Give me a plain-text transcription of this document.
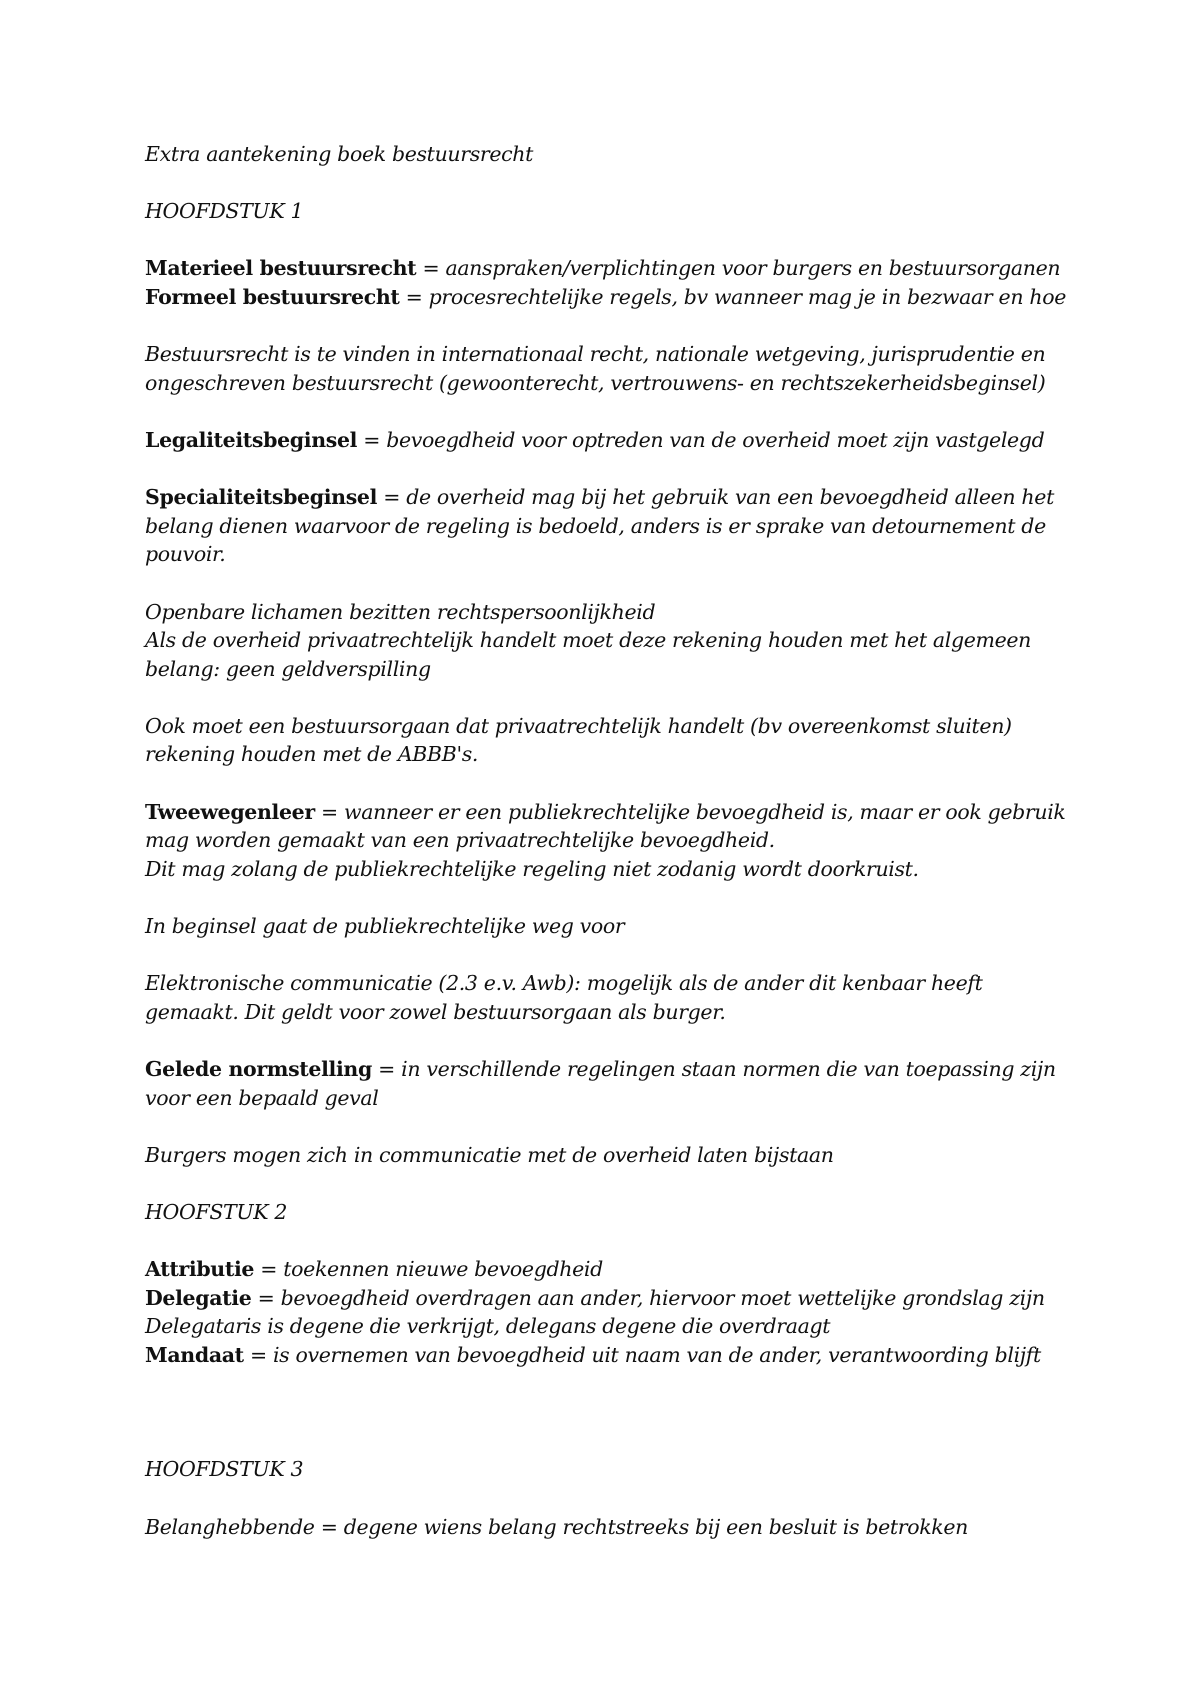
Extra aantekening boek bestuursrecht
HOOFDSTUK 1
Materieel bestuursrecht = aanspraken/verplichtingen voor burgers en bestuursorganen
Formeel bestuursrecht = procesrechtelijke regels, bv wanneer mag je in bezwaar en hoe
Bestuursrecht is te vinden in internationaal recht, nationale wetgeving, jurisprudentie en
ongeschreven bestuursrecht (gewoonterecht, vertrouwens- en rechtszekerheidsbeginsel)
Legaliteitsbeginsel = bevoegdheid voor optreden van de overheid moet zijn vastgelegd
Specialiteitsbeginsel = de overheid mag bij het gebruik van een bevoegdheid alleen het
belang dienen waarvoor de regeling is bedoeld, anders is er sprake van detournement de
pouvoir.
Openbare lichamen bezitten rechtspersoonlijkheid
Als de overheid privaatrechtelijk handelt moet deze rekening houden met het algemeen
belang: geen geldverspilling
Ook moet een bestuursorgaan dat privaatrechtelijk handelt (bv overeenkomst sluiten)
rekening houden met de ABBB's.
Tweewegenleer = wanneer er een publiekrechtelijke bevoegdheid is, maar er ook gebruik
mag worden gemaakt van een privaatrechtelijke bevoegdheid.
Dit mag zolang de publiekrechtelijke regeling niet zodanig wordt doorkruist.
In beginsel gaat de publiekrechtelijke weg voor
Elektronische communicatie (2.3 e.v. Awb): mogelijk als de ander dit kenbaar heeft
gemaakt. Dit geldt voor zowel bestuursorgaan als burger.
Gelede normstelling = in verschillende regelingen staan normen die van toepassing zijn
voor een bepaald geval
Burgers mogen zich in communicatie met de overheid laten bijstaan
HOOFSTUK 2
Attributie = toekennen nieuwe bevoegdheid
Delegatie = bevoegdheid overdragen aan ander, hiervoor moet wettelijke grondslag zijn
Delegataris is degene die verkrijgt, delegans degene die overdraagt
Mandaat = is overnemen van bevoegdheid uit naam van de ander, verantwoording blijft
HOOFDSTUK 3
Belanghebbende = degene wiens belang rechtstreeks bij een besluit is betrokken
